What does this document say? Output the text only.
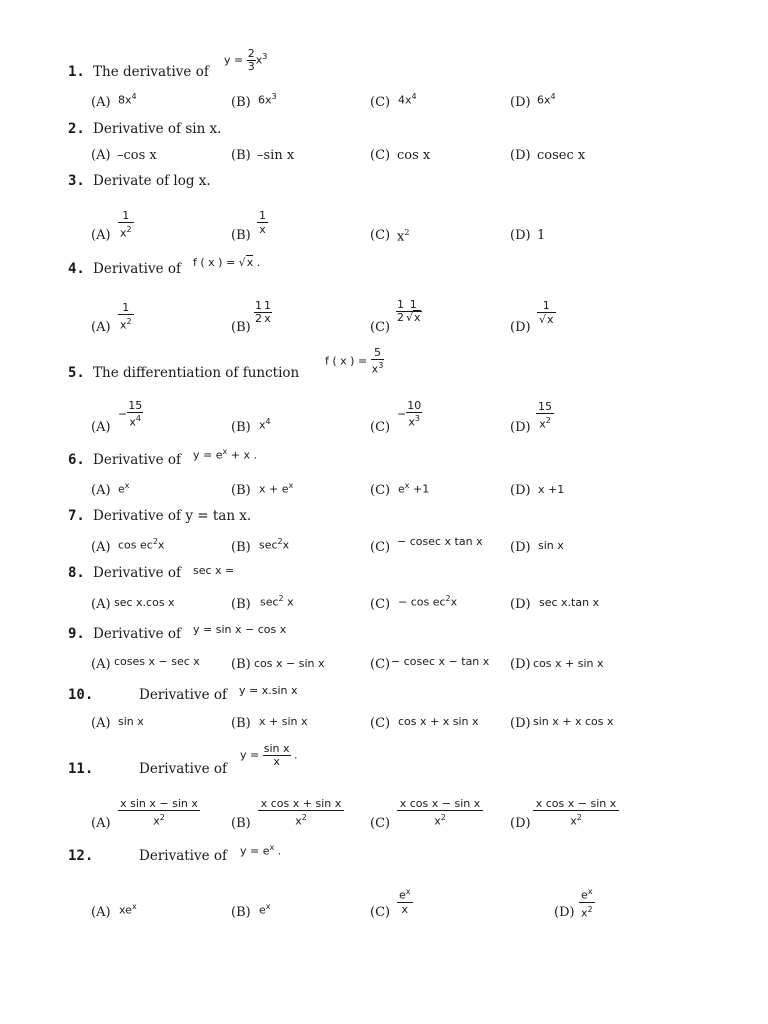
1. The derivative of
$y = \frac{2}{3} x^3$
(A) $8x^4$	(B) $6x^3$	(C) $4x^4$	(D) $6x^4$
2. Derivative of sin x.
(A) –cos x	(B) –sin x	(C) cos x	(D) cosec x
3. Derivate of log x.
$(A) \frac{1}{x^2}$	$(B) \frac{1}{x}$	(C) $x^2$	(D) 1
4. Derivative of f ( x ) = √x .
$(A) \frac{1}{x^2}$	(B)
$\frac{1}{2} \frac{1}{x}$
(C)
$\frac{1}{2} \frac{1}{√x}$
(D)
$\frac{1}{√x}$
5. The differentiation of function
f ( x ) = $\frac{5}{x^3}$
(A)
− $\frac{15}{x^4}$	(B) $x^4$	(C)
− $\frac{10}{x^3}$	$(D) \frac{15}{x^2}$
6. Derivative of $y = e^x + x$ .
(A) $e^x$	(B) $x + e^x$	(C) $e^x +1$	(D) x +1
7. Derivative of y = tan x.
(A) $\cos ec^2x$	(B) $\sec^2x$	(C) − cosec x tan x (D) sin x
8. Derivative of sec x =
(A) sec x.cos x	(B) $\sec^2 x$	$(C) - \cos ec^2x$	(D) sec x.tan x
9. Derivative of y = sin x − cos x
(A) coses x − sec x (B) cos x − sin x	(C) − cosec x − tan x (D) cos x + sin x
10.	Derivative of y = x.sin x
(A) sin x	(B) x + sin x	(C) cos x + x sin x (D) sin x + x cos x
11.	Derivative of
$y = \frac{\text{sin x}}{x}$ .
$(A) \frac{\text{x sin x − sin x}}{x^2} (B) \frac{\text{x cos x + sin x}}{x^2} (C) \frac{\text{x cos x − sin x}}{x^2} (D) \frac{\text{x cos x − sin x}}{x^2}$
12.	Derivative of $y = e^x$ .
(A) $xe^x$	(B) $e^x$	$(C) \frac{e^x}{x}$	$(D) \frac{e^x}{x^2}$
